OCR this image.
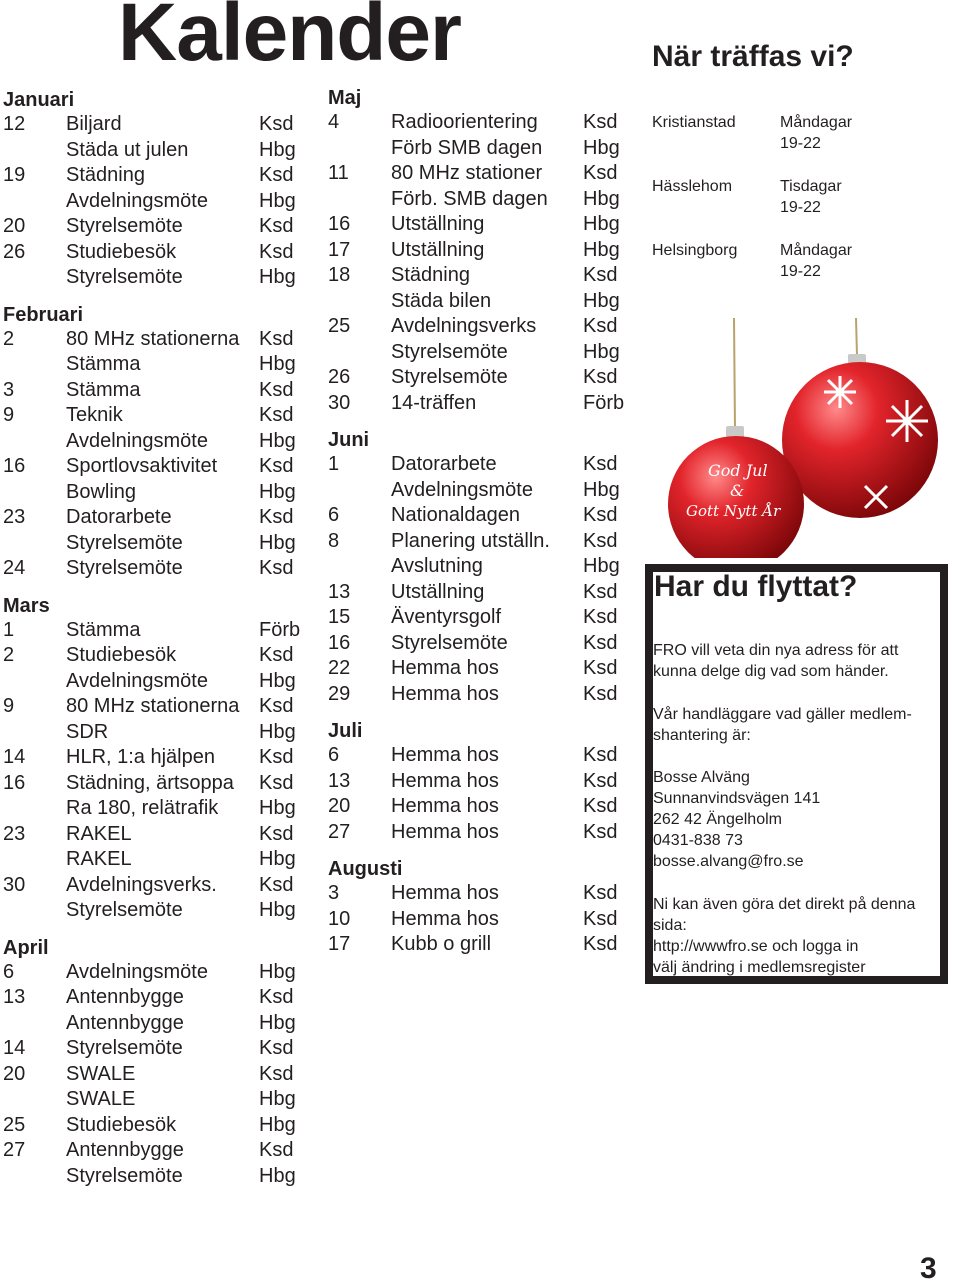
Kalender
Januari
12 Biljard	Ksd
Städa ut julen	Hbg
19 Städning	Ksd
Avdelningsmöte	Hbg
20 Styrelsemöte	Ksd
26 Studiebesök	Ksd
Styrelsemöte	Hbg
Februari
2	80 MHz stationerna Ksd
Stämma	Hbg
3	Stämma	Ksd
9	Teknik	Ksd
Avdelningsmöte	Hbg
16 Sportlovsaktivitet Ksd
Bowling	Hbg
23 Datorarbete	Ksd
Styrelsemöte	Hbg
24 Styrelsemöte	Ksd
Mars
1	Stämma	Förb
2	Studiebesök	Ksd
Avdelningsmöte	Hbg
9	80 MHz stationerna Ksd
SDR	Hbg
14 HLR, 1:a hjälpen Ksd
16 Städning, ärtsoppa Ksd
Ra 180, relätrafik Hbg
23 RAKEL	Ksd
RAKEL	Hbg
30 Avdelningsverks. Ksd
Styrelsemöte	Hbg
April
6	Avdelningsmöte	Hbg
13 Antennbygge	Ksd
Antennbygge	Hbg
14 Styrelsemöte	Ksd
20 SWALE	Ksd
SWALE	Hbg
25 Studiebesök	Hbg
27 Antennbygge	Ksd
Styrelsemöte	Hbg
Maj
4	Radioorientering Ksd
Förb SMB dagen Hbg
11 80 MHz stationer Ksd
Förb. SMB dagen Hbg
16 Utställning	Hbg
17 Utställning	Hbg
18 Städning	Ksd
Städa bilen	Hbg
25 Avdelningsverks Ksd
Styrelsemöte	Hbg
26 Styrelsemöte	Ksd
30 14-träffen	Förb
Juni
1	Datorarbete	Ksd
Avdelningsmöte	Hbg
6	Nationaldagen	Ksd
8	Planering utställn. Ksd
Avslutning	Hbg
13 Utställning	Ksd
15 Äventyrsgolf	Ksd
16 Styrelsemöte	Ksd
22 Hemma hos	Ksd
29 Hemma hos	Ksd
Juli
6	Hemma hos	Ksd
13 Hemma hos	Ksd
20 Hemma hos	Ksd
27 Hemma hos	Ksd
Augusti
3	Hemma hos	Ksd
10 Hemma hos	Ksd
17 Kubb o grill	Ksd
När träffas vi?
Kristianstad	Måndagar
19-22
Hässlehom	Tisdagar
19-22
Helsingborg	Måndagar
19-22
God Jul
&
Gott Nytt År
Har du flyttat?
FRO vill veta din nya adress för att kunna delge dig vad som händer.
Vår handläggare vad gäller medlem-shantering är:
Bosse Alväng
Sunnanvindsvägen 141
262 42 Ängelholm
0431-838 73
bosse.alvang@fro.se
Ni kan även göra det direkt på denna sida:
http://wwwfro.se och logga in
välj ändring i medlemsregister
3
